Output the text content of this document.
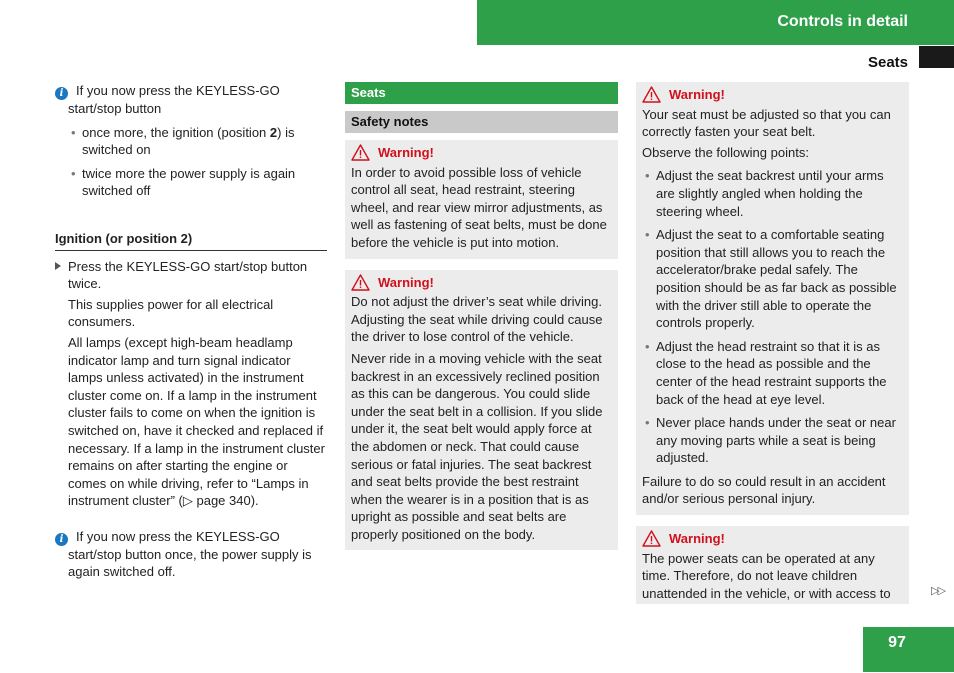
Controls in detail
Seats
i If you now press the KEYLESS-GO start/stop button
• once more, the ignition (position 2) is switched on
• twice more the power supply is again switched off
Ignition (or position 2)
Press the KEYLESS-GO start/stop button twice.

This supplies power for all electrical consumers.

All lamps (except high-beam headlamp indicator lamp and turn signal indicator lamps unless activated) in the instrument cluster come on. If a lamp in the instrument cluster fails to come on when the ignition is switched on, have it checked and replaced if necessary. If a lamp in the instrument cluster remains on after starting the engine or comes on while driving, refer to “Lamps in instrument cluster” (▷ page 340).

i If you now press the KEYLESS-GO start/stop button once, the power supply is again switched off.
Seats
Safety notes
Warning!

In order to avoid possible loss of vehicle control all seat, head restraint, steering wheel, and rear view mirror adjustments, as well as fastening of seat belts, must be done before the vehicle is put into motion.

Warning!

Do not adjust the driver’s seat while driving. Adjusting the seat while driving could cause the driver to lose control of the vehicle.

Never ride in a moving vehicle with the seat backrest in an excessively reclined position as this can be dangerous. You could slide under the seat belt in a collision. If you slide under it, the seat belt would apply force at the abdomen or neck. That could cause serious or fatal injuries. The seat backrest and seat belts provide the best restraint when the wearer is in a position that is as upright as possible and seat belts are properly positioned on the body.

Warning!

Your seat must be adjusted so that you can correctly fasten your seat belt.

Observe the following points:

• Adjust the seat backrest until your arms are slightly angled when holding the steering wheel.
• Adjust the seat to a comfortable seating position that still allows you to reach the accelerator/brake pedal safely. The position should be as far back as possible with the driver still able to operate the controls properly.
• Adjust the head restraint so that it is as close to the head as possible and the center of the head restraint supports the back of the head at eye level.
• Never place hands under the seat or near any moving parts while a seat is being adjusted.

Failure to do so could result in an accident and/or serious personal injury.

Warning!

The power seats can be operated at any time. Therefore, do not leave children unattended in the vehicle, or with access to	▷▷
97
